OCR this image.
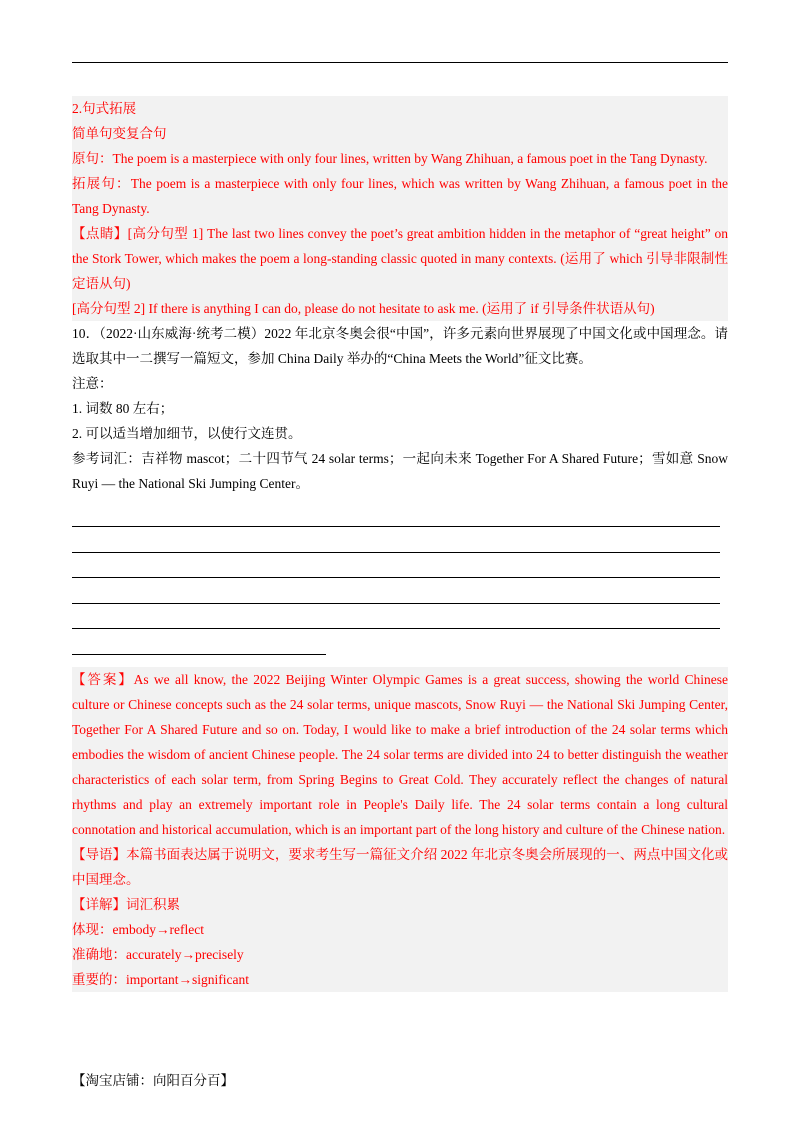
2.句式拓展
简单句变复合句
原句：The poem is a masterpiece with only four lines, written by Wang Zhihuan, a famous poet in the Tang Dynasty.
拓展句：The poem is a masterpiece with only four lines, which was written by Wang Zhihuan, a famous poet in the Tang Dynasty.
【点睛】[高分句型 1] The last two lines convey the poet’s great ambition hidden in the metaphor of “great height” on the Stork Tower, which makes the poem a long-standing classic quoted in many contexts. (运用了 which 引导非限制性定语从句)
[高分句型 2] If there is anything I can do, please do not hesitate to ask me. (运用了 if 引导条件状语从句)
10．（2022·山东威海·统考二模）2022 年北京冬奥会很“中国”，许多元素向世界展现了中国文化或中国理念。请选取其中一二撰写一篇短文，参加 China Daily 举办的“China Meets the World”征文比赛。
注意：
1. 词数 80 左右；
2. 可以适当增加细节，以使行文连贯。
参考词汇：吉祥物 mascot；二十四节气 24 solar terms；一起向未来 Together For A Shared Future；雪如意 Snow Ruyi — the National Ski Jumping Center。
【答案】As we all know, the 2022 Beijing Winter Olympic Games is a great success, showing the world Chinese culture or Chinese concepts such as the 24 solar terms, unique mascots, Snow Ruyi — the National Ski Jumping Center, Together For A Shared Future and so on. Today, I would like to make a brief introduction of the 24 solar terms which embodies the wisdom of ancient Chinese people. The 24 solar terms are divided into 24 to better distinguish the weather characteristics of each solar term, from Spring Begins to Great Cold. They accurately reflect the changes of natural rhythms and play an extremely important role in People's Daily life. The 24 solar terms contain a long cultural connotation and historical accumulation, which is an important part of the long history and culture of the Chinese nation.
【导语】本篇书面表达属于说明文，要求考生写一篇征文介绍 2022 年北京冬奥会所展现的一、两点中国文化或中国理念。
【详解】词汇积累
体现：embody→reflect
准确地：accurately→precisely
重要的：important→significant
【淘宝店铺：向阳百分百】
